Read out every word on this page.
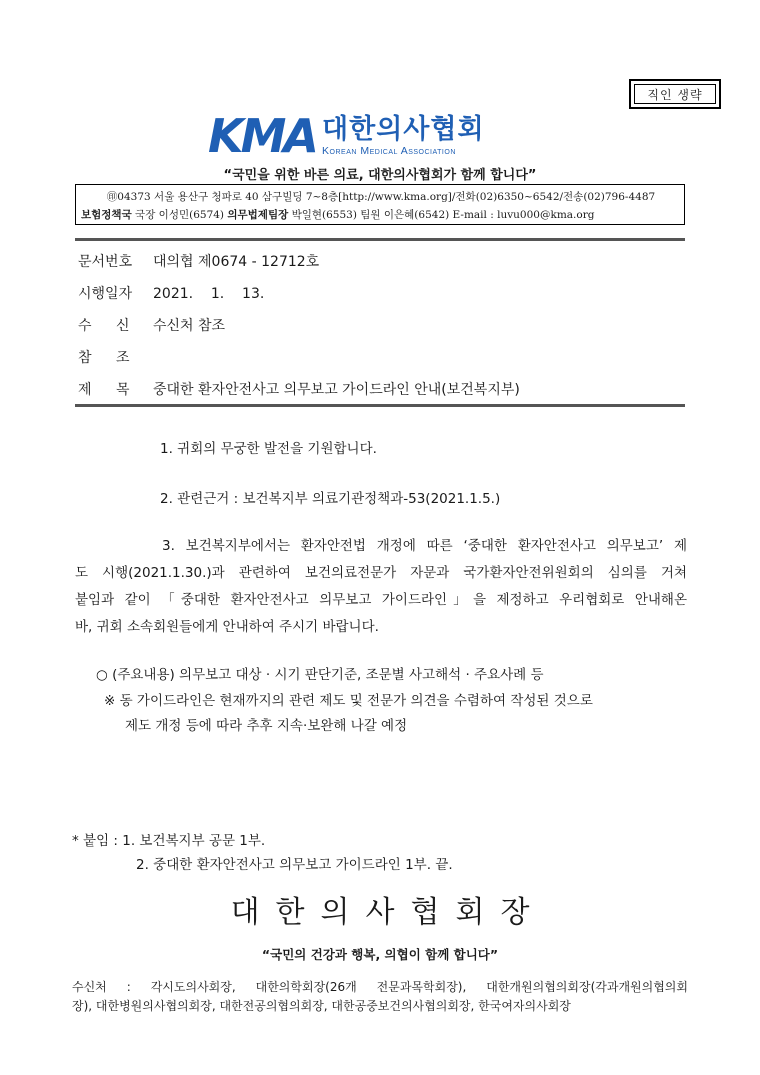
직인 생략
KMA 대한의사협회
Korean Medical Association
“국민을 위한 바른 의료, 대한의사협회가 함께 합니다”
㊞04373 서울 용산구 청파로 40 삼구빌딩 7~8층[http://www.kma.org]/전화(02)6350~6542/전송(02)796-4487
보험정책국 국장 이성민(6574) 의무법제팀장 박일현(6553) 팀원 이은혜(6542) E-mail : luvu000@kma.org
문서번호 대의협 제0674 - 12712호
시행일자 2021.    1.    13.
수 신 수신처 참조
참 조
제 목 중대한 환자안전사고 의무보고 가이드라인 안내(보건복지부)
1. 귀회의 무궁한 발전을 기원합니다.
2. 관련근거 : 보건복지부 의료기관정책과-53(2021.1.5.)
3. 보건복지부에서는 환자안전법 개정에 따른 ‘중대한 환자안전사고 의무보고’ 제
도 시행(2021.1.30.)과 관련하여 보건의료전문가 자문과 국가환자안전위원회의 심의를 거쳐
붙임과 같이 「중대한 환자안전사고 의무보고 가이드라인」을 제정하고 우리협회로 안내해온
바, 귀회 소속회원들에게 안내하여 주시기 바랍니다.
○ (주요내용) 의무보고 대상 · 시기 판단기준, 조문별 사고해석 · 주요사례 등
※ 동 가이드라인은 현재까지의 관련 제도 및 전문가 의견을 수렴하여 작성된 것으로
제도 개정 등에 따라 추후 지속·보완해 나갈 예정
* 붙임 : 1. 보건복지부 공문 1부.
2. 중대한 환자안전사고 의무보고 가이드라인 1부. 끝.
대한의사협회장
“국민의 건강과 행복, 의협이 함께 합니다”
수신처 : 각시도의사회장, 대한의학회장(26개 전문과목학회장), 대한개원의협의회장(각과개원의협의회
장), 대한병원의사협의회장, 대한전공의협의회장, 대한공중보건의사협의회장, 한국여자의사회장
